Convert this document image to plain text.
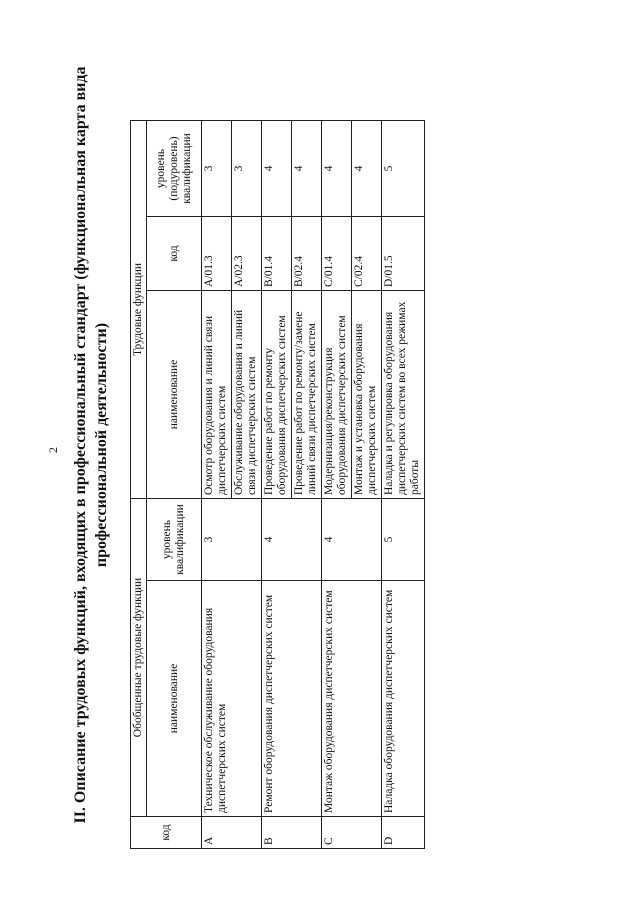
2 II. Описание трудовых функций, входящих в профессиональный стандарт (функциональная карта вида профессиональной деятельности)
код	Обобщенные трудовые функции		Трудовые функции		
	наименование	уровень квалификации	наименование	код	уровень (подуровень) квалификации
A	Техническое обслуживание оборудования диспетчерских систем	3	Осмотр оборудования и линий связи диспетчерских систем	A/01.3	3
			Обслуживание оборудования и линий связи диспетчерских систем	A/02.3	3
B	Ремонт оборудования диспетчерских систем	4	Проведение работ по ремонту оборудования диспетчерских систем	B/01.4	4
			Проведение работ по ремонту/замене линий связи диспетчерских систем	B/02.4	4
C	Монтаж оборудования диспетчерских систем	4	Модернизация/реконструкция оборудования диспетчерских систем	C/01.4	4
			Монтаж и установка оборудования диспетчерских систем	C/02.4	4
D	Наладка оборудования диспетчерских систем	5	Наладка и регулировка оборудования диспетчерских систем во всех режимах работы	D/01.5	5
